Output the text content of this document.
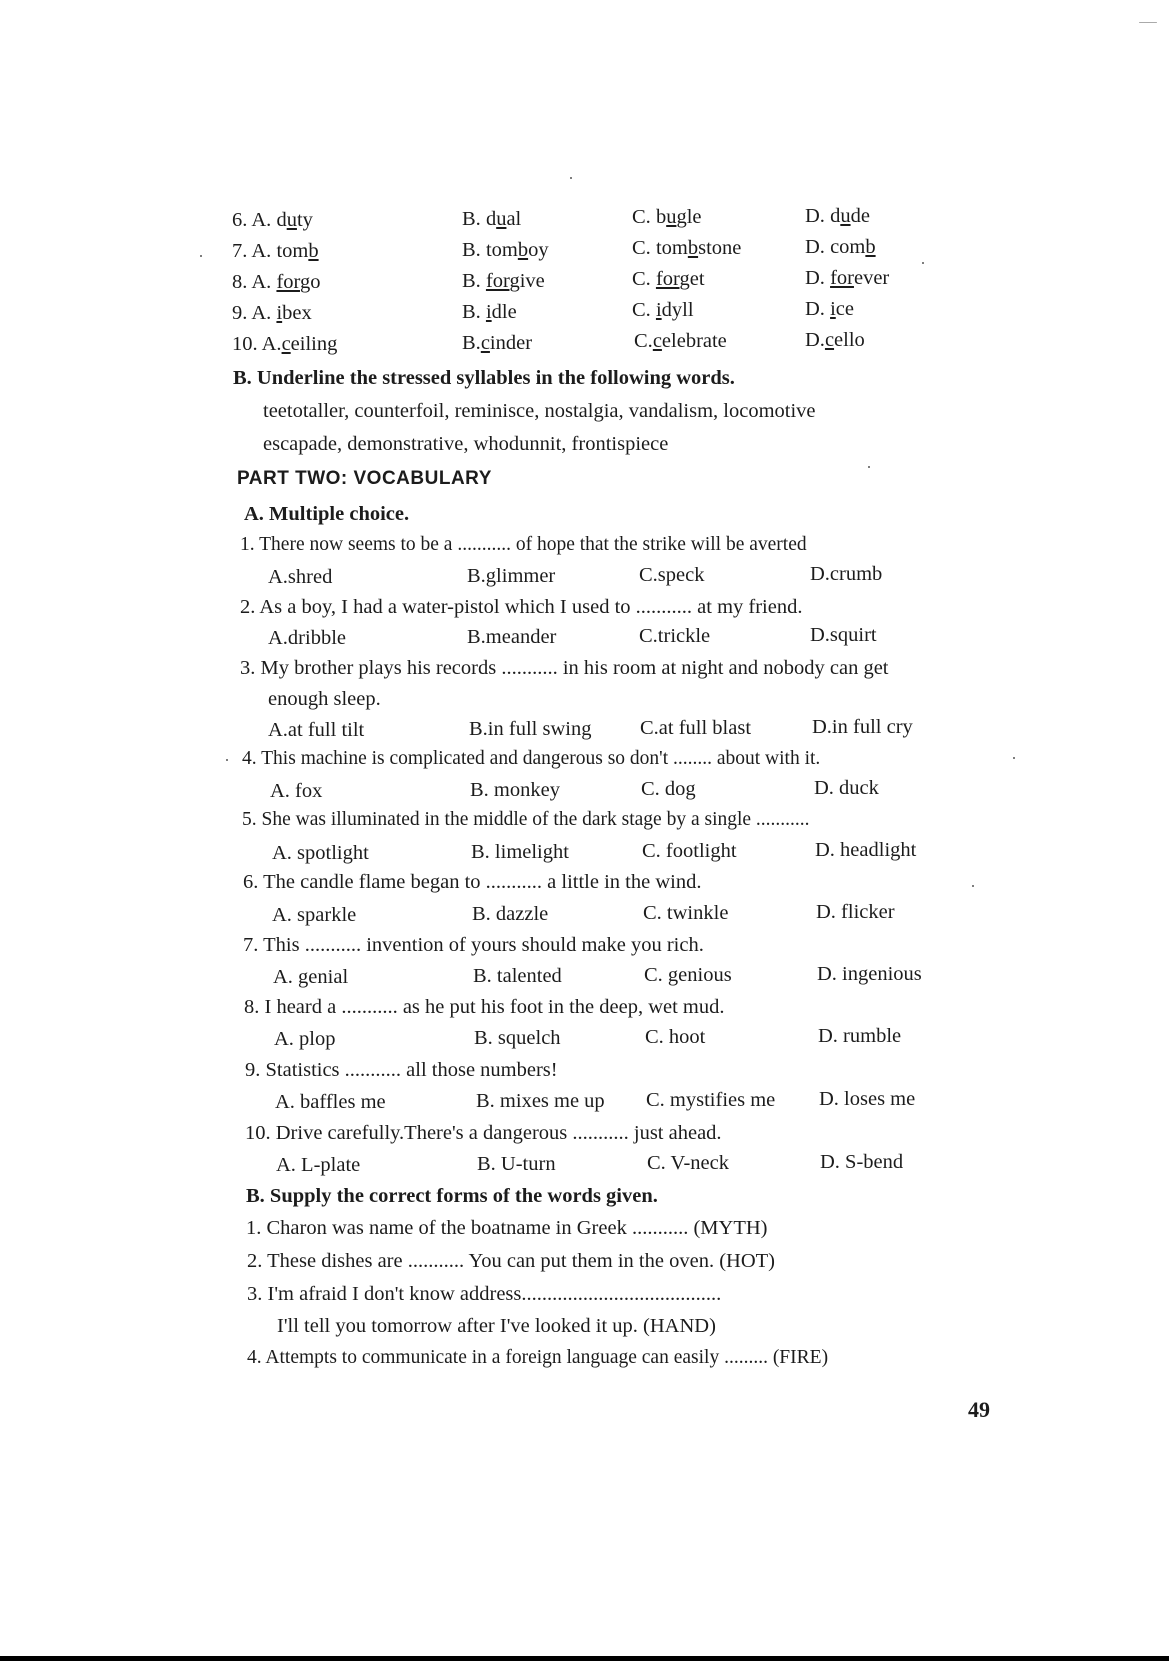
6. A. duty	B. dual	C. bugle	D. dude
7. A. tomb	B. tomboy	C. tombstone	D. comb
8. A. forgo	B. forgive	C. forget	D. forever
9. A. ibex	B. idle	C. idyll	D. ice
10. A.ceiling	B.cinder	C.celebrate	D.cello
B. Underline the stressed syllables in the following words.
teetotaller, counterfoil, reminisce, nostalgia, vandalism, locomotive
escapade, demonstrative, whodunnit, frontispiece
PART TWO: VOCABULARY
A. Multiple choice.
1. There now seems to be a ........... of hope that the strike will be averted
A.shred	B.glimmer	C.speck	D.crumb
2. As a boy, I had a water-pistol which I used to ........... at my friend.
A.dribble	B.meander	C.trickle	D.squirt
3. My brother plays his records ........... in his room at night and nobody can get
enough sleep.
A.at full tilt	B.in full swing C.at full blast	D.in full cry
4. This machine is complicated and dangerous so don't ........ about with it.
A. fox	B. monkey	C. dog	D. duck
5. She was illuminated in the middle of the dark stage by a single ...........
A. spotlight	B. limelight	C. footlight	D. headlight
6. The candle flame began to ........... a little in the wind.
A. sparkle	B. dazzle	C. twinkle	D. flicker
7. This ........... invention of yours should make you rich.
A. genial	B. talented	C. genious	D. ingenious
8. I heard a ........... as he put his foot in the deep, wet mud.
A. plop	B. squelch	C. hoot	D. rumble
9. Statistics ........... all those numbers!
A. baffles me	B. mixes me up C. mystifies me D. loses me
10. Drive carefully.There's a dangerous ........... just ahead.
A. L-plate	B. U-turn	C. V-neck	D. S-bend
B. Supply the correct forms of the words given.
1. Charon was name of the boatname in Greek ........... (MYTH)
2. These dishes are ........... You can put them in the oven. (HOT)
3. I'm afraid I don't know address.......................................
I'll tell you tomorrow after I've looked it up. (HAND)
4. Attempts to communicate in a foreign language can easily ......... (FIRE)
49
